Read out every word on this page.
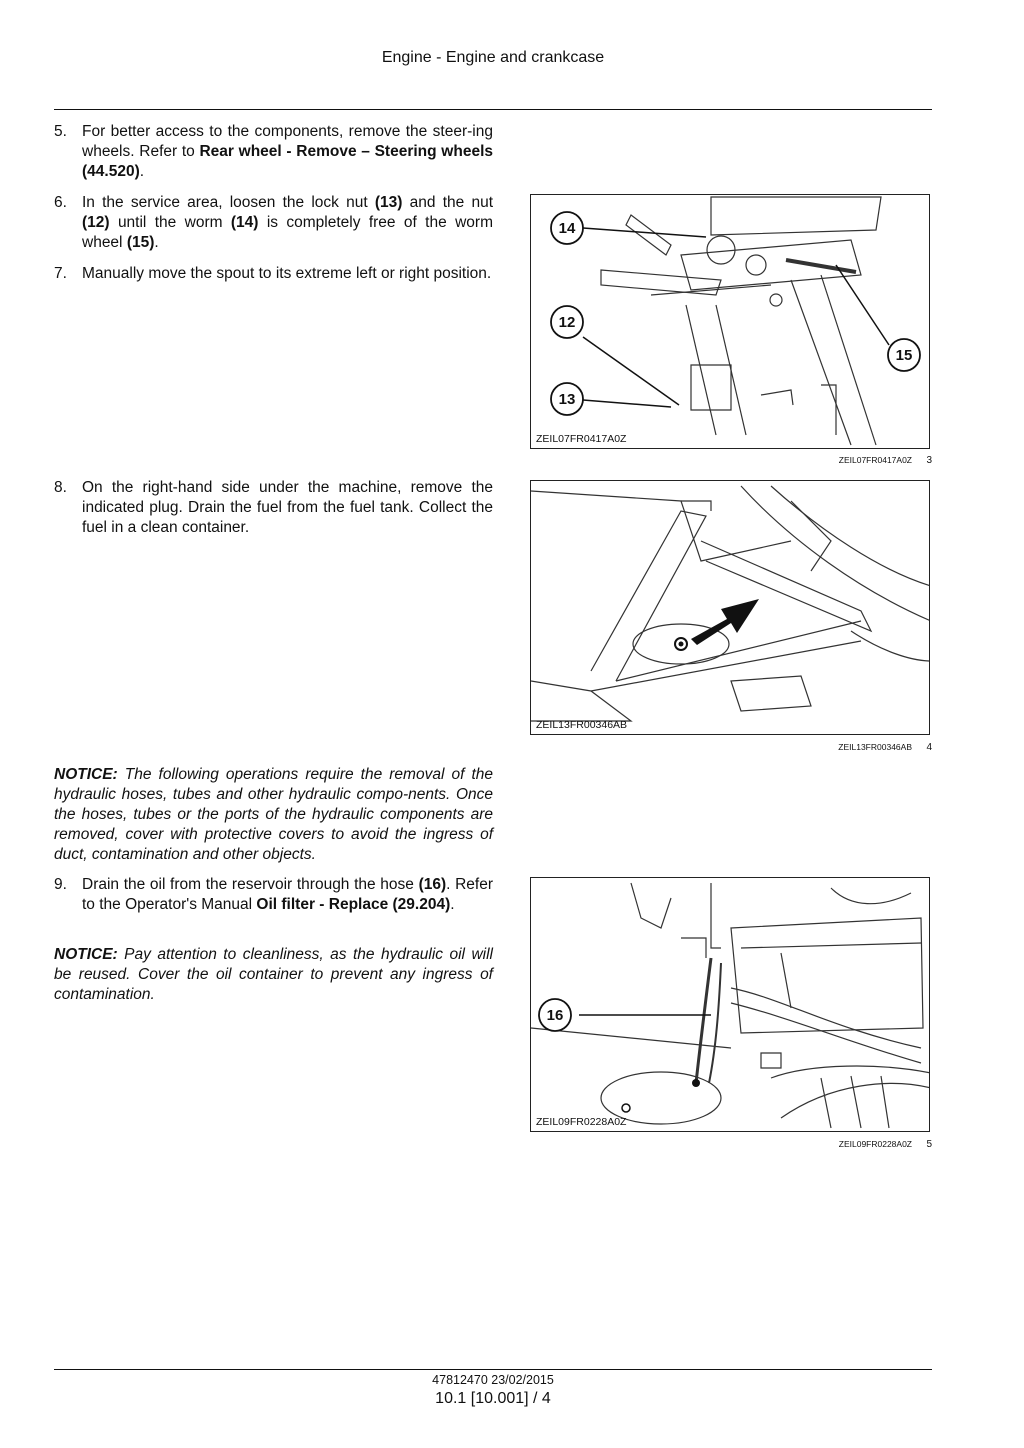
Engine - Engine and crankcase

5. For better access to the components, remove the steer-ing wheels. Refer to Rear wheel - Remove – Steering wheels (44.520).

6. In the service area, loosen the lock nut (13) and the nut (12) until the worm (14) is completely free of the worm wheel (15).

7. Manually move the spout to its extreme left or right position.

14
12
13
15
ZEIL07FR0417A0Z
ZEIL07FR0417A0Z 3

8. On the right-hand side under the machine, remove the indicated plug. Drain the fuel from the fuel tank. Collect the fuel in a clean container.

ZEIL13FR00346AB
ZEIL13FR00346AB 4

NOTICE: The following operations require the removal of the hydraulic hoses, tubes and other hydraulic compo-nents. Once the hoses, tubes or the ports of the hydraulic components are removed, cover with protective covers to avoid the ingress of duct, contamination and other objects.

9. Drain the oil from the reservoir through the hose (16). Refer to the Operator's Manual Oil filter - Replace (29.204).

NOTICE: Pay attention to cleanliness, as the hydraulic oil will be reused. Cover the oil container to prevent any ingress of contamination.

16
ZEIL09FR0228A0Z
ZEIL09FR0228A0Z 5
47812470 23/02/2015
10.1 [10.001] / 4
